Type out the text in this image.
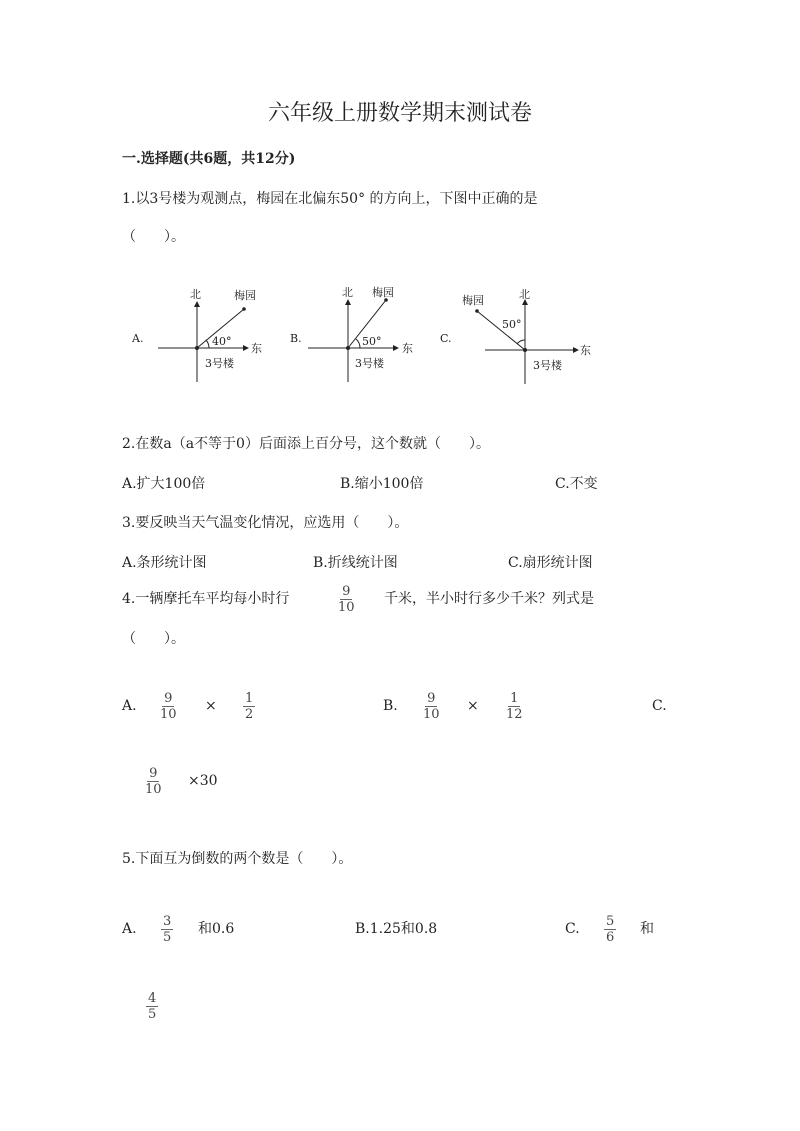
六年级上册数学期末测试卷
一.选择题(共6题，共12分)
1.以3号楼为观测点，梅园在北偏东50° 的方向上，下图中正确的是
（　　）。
A.
北
东
梅园
3号楼
40°	B.
北
东
梅园
3号楼
50°	C.
北
东
梅园
3号楼
50°
2.在数a（a不等于0）后面添上百分号，这个数就（　　）。
A.扩大100倍	B.缩小100倍	C.不变
3.要反映当天气温变化情况，应选用（　　）。
A.条形统计图	B.折线统计图	C.扇形统计图
4.一辆摩托车平均每小时行	$\frac{9}{10}$ 千米，半小时行多少千米？列式是
（　　）。
A. $\frac{9}{10} \times \frac{1}{2}$	B. $\frac{9}{10} \times \frac{1}{12}$	C.
$\frac{9}{10} \times 30$
5.下面互为倒数的两个数是（　　）。
A. $\frac{3}{5}$ 和0.6	B.1.25和0.8	C. $\frac{5}{6}$ 和
$\frac{4}{5}$
